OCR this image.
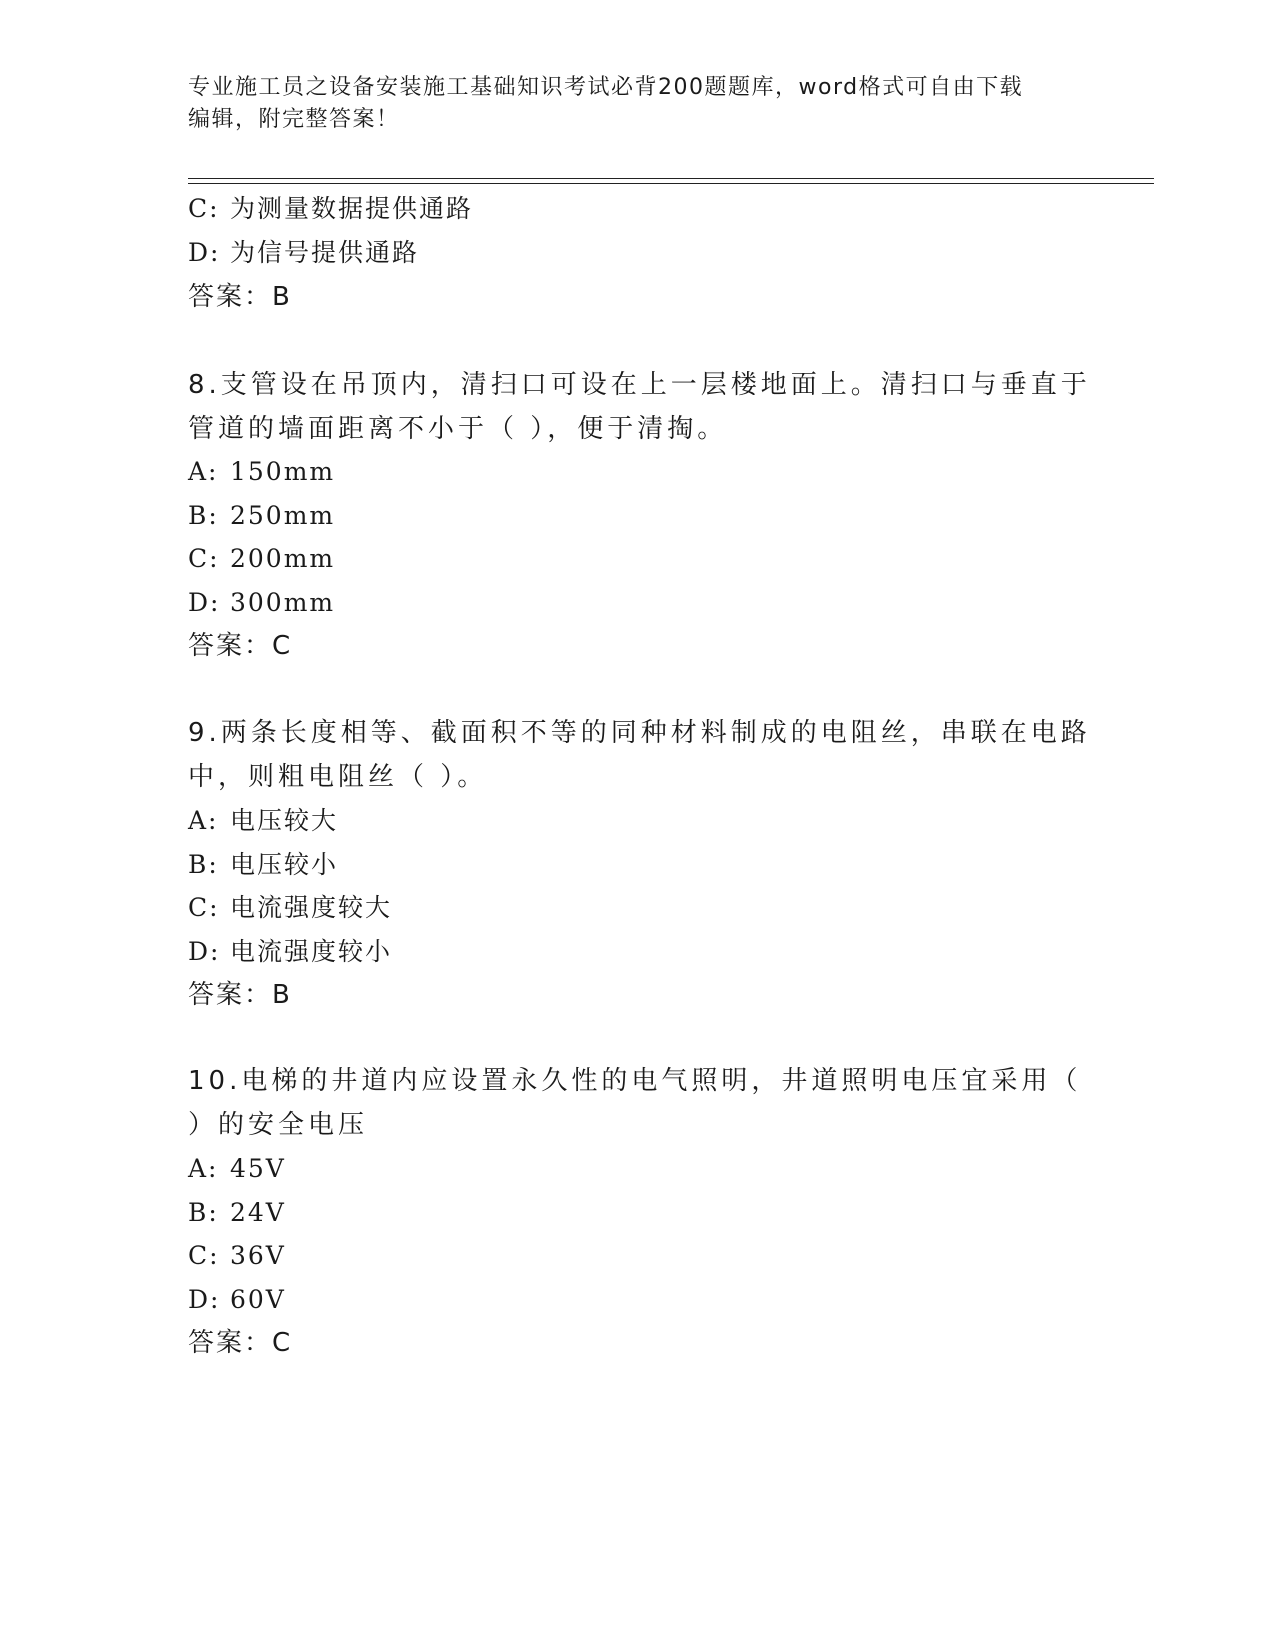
专业施工员之设备安装施工基础知识考试必背200题题库，word格式可自由下载
编辑，附完整答案！
C: 为测量数据提供通路
D: 为信号提供通路
答案：B
8.支管设在吊顶内，清扫口可设在上一层楼地面上。清扫口与垂直于
管道的墙面距离不小于（ ），便于清掏。
A: 150mm
B: 250mm
C: 200mm
D: 300mm
答案：C
9.两条长度相等、截面积不等的同种材料制成的电阻丝，串联在电路
中，则粗电阻丝（ ）。
A: 电压较大
B: 电压较小
C: 电流强度较大
D: 电流强度较小
答案：B
10.电梯的井道内应设置永久性的电气照明，井道照明电压宜采用（
）的安全电压
A: 45V
B: 24V
C: 36V
D: 60V
答案：C
